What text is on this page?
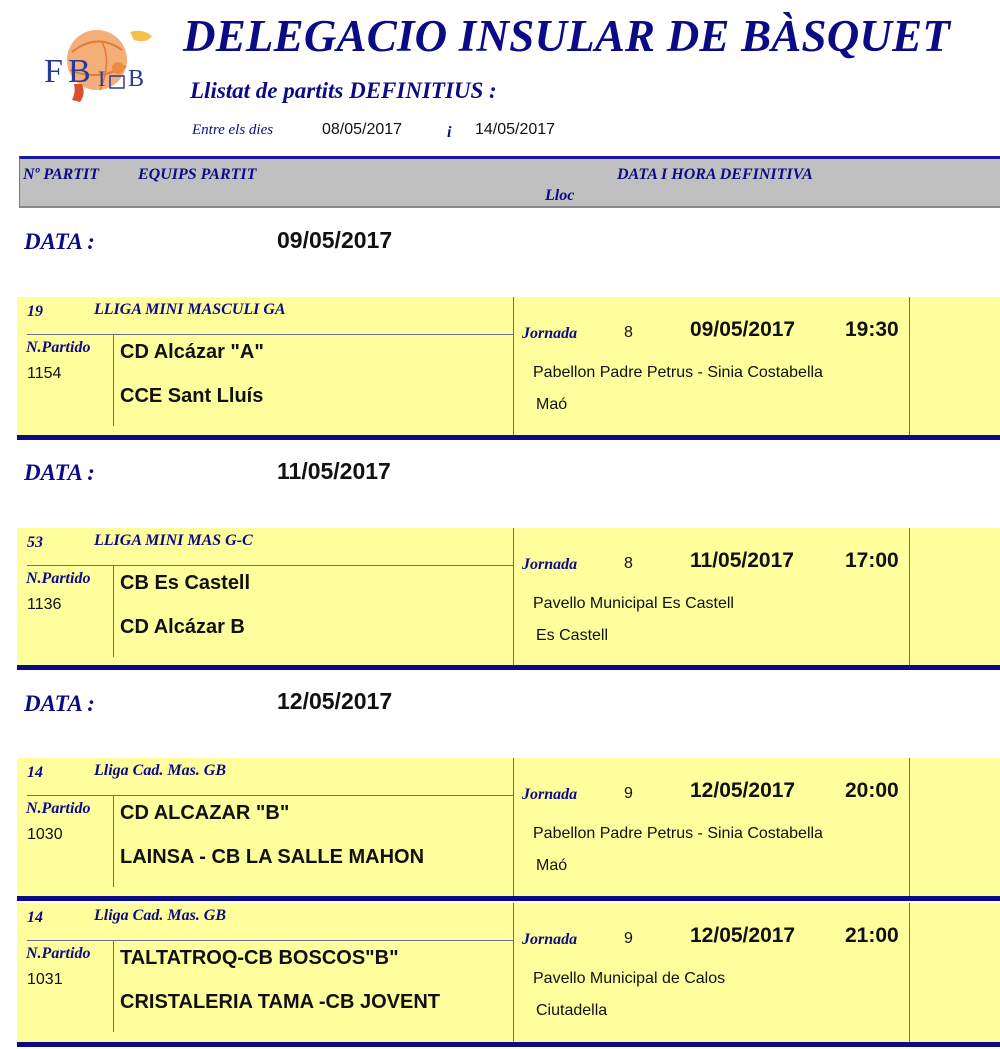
F B I B
DELEGACIO INSULAR DE BÀSQUET
Llistat de partits DEFINITIUS :
Entre els dies	08/05/2017	i 14/05/2017
Nº PARTIT EQUIPS PARTIT	DATA I HORA DEFINITIVA
Lloc
DATA :	09/05/2017
19	LLIGA MINI MASCULI GA
N.Partido
1154
CD Alcázar "A"
CCE Sant Lluís
Jornada	8	09/05/2017 19:30
Pabellon Padre Petrus - Sinia Costabella
Maó
DATA :	11/05/2017
53	LLIGA MINI MAS G-C
N.Partido
1136
CB Es Castell
CD Alcázar B
Jornada	8	11/05/2017 17:00
Pavello Municipal Es Castell
Es Castell
DATA :	12/05/2017
14	Lliga Cad. Mas. GB
N.Partido
1030
CD ALCAZAR "B"
LAINSA - CB LA SALLE MAHON
Jornada	9	12/05/2017 20:00
Pabellon Padre Petrus - Sinia Costabella
Maó
14	Lliga Cad. Mas. GB
N.Partido
1031
TALTATROQ-CB BOSCOS"B"
CRISTALERIA TAMA -CB JOVENT
Jornada	9	12/05/2017 21:00
Pavello Municipal de Calos
Ciutadella
